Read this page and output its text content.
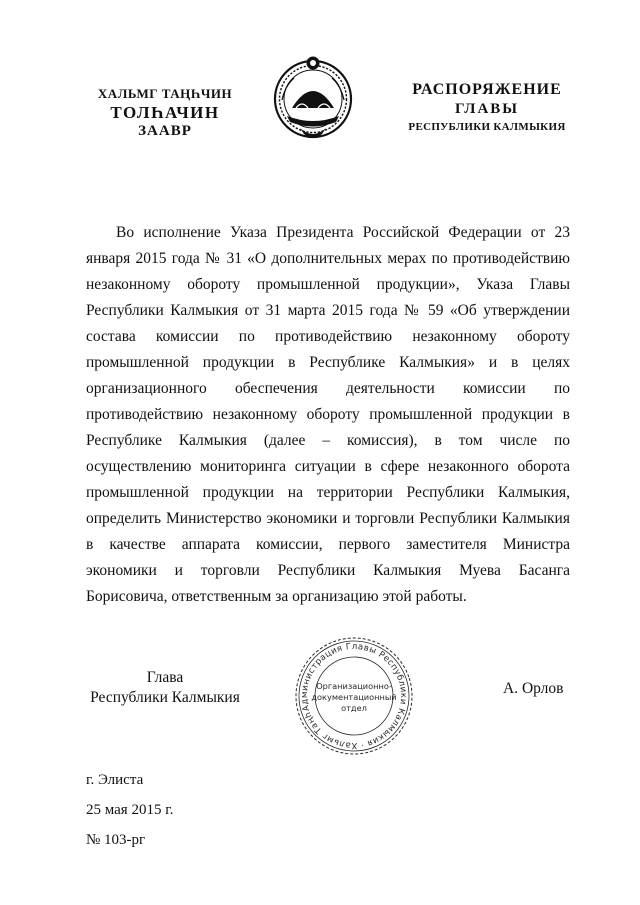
ХАЛЬМГ ТАҢҺЧИН
ТОЛҺАЧИН
ЗААВР
РАСПОРЯЖЕНИЕ
ГЛАВЫ
РЕСПУБЛИКИ КАЛМЫКИЯ
Во исполнение Указа Президента Российской Федерации от 23 января 2015 года № 31 «О дополнительных мерах по противодействию незаконному обороту промышленной продукции», Указа Главы Республики Калмыкия от 31 марта 2015 года № 59 «Об утверждении состава комиссии по противодействию незаконному обороту промышленной продукции в Республике Калмыкия» и в целях организационного обеспечения деятельности комиссии по противодействию незаконному обороту промышленной продукции в Республике Калмыкия (далее – комиссия), в том числе по осуществлению мониторинга ситуации в сфере незаконного оборота промышленной продукции на территории Республики Калмыкия, определить Министерство экономики и торговли Республики Калмыкия в качестве аппарата комиссии, первого заместителя Министра экономики и торговли Республики Калмыкия Муева Басанга Борисовича, ответственным за организацию этой работы.
Глава
Республики Калмыкия
Администрация Главы Республики Калмыкия · Хальмг Таңһчин
Организационно-
документационный
отдел
А. Орлов
г. Элиста
25 мая 2015 г.
№ 103-рг
